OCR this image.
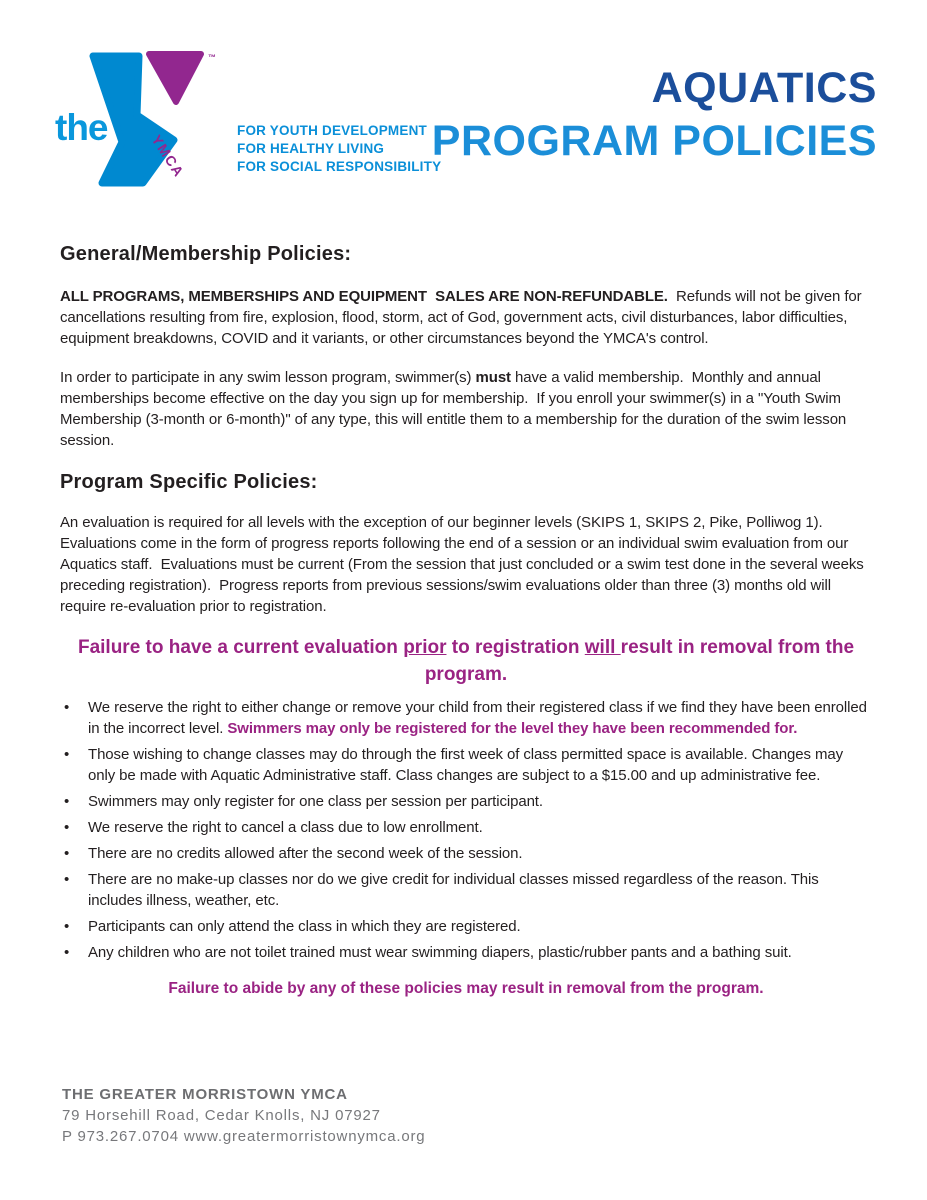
™
the
YMCA
FOR YOUTH DEVELOPMENT
FOR HEALTHY LIVING
FOR SOCIAL RESPONSIBILITY
AQUATICS
PROGRAM POLICIES
General/Membership Policies:

ALL PROGRAMS, MEMBERSHIPS AND EQUIPMENT  SALES ARE NON-REFUNDABLE.  Refunds will not be given for cancellations resulting from fire, explosion, flood, storm, act of God, government acts, civil disturbances, labor difficulties, equipment breakdowns, COVID and it variants, or other circumstances beyond the YMCA's control.

In order to participate in any swim lesson program, swimmer(s) must have a valid membership.  Monthly and annual memberships become effective on the day you sign up for membership.  If you enroll your swimmer(s) in a "Youth Swim Membership (3-month or 6-month)" of any type, this will entitle them to a membership for the duration of the swim lesson session.

Program Specific Policies:

An evaluation is required for all levels with the exception of our beginner levels (SKIPS 1, SKIPS 2, Pike, Polliwog 1).  Evaluations come in the form of progress reports following the end of a session or an individual swim evaluation from our Aquatics staff.  Evaluations must be current (From the session that just concluded or a swim test done in the several weeks preceding registration).  Progress reports from previous sessions/swim evaluations older than three (3) months old will require re-evaluation prior to registration.

Failure to have a current evaluation prior to registration will result in removal from the program.
• We reserve the right to either change or remove your child from their registered class if we find they have been enrolled in the incorrect level. Swimmers may only be registered for the level they have been recommended for.
• Those wishing to change classes may do through the first week of class permitted space is available. Changes may only be made with Aquatic Administrative staff. Class changes are subject to a $15.00 and up administrative fee.
• Swimmers may only register for one class per session per participant.
• We reserve the right to cancel a class due to low enrollment.
• There are no credits allowed after the second week of the session.
• There are no make-up classes nor do we give credit for individual classes missed regardless of the reason. This includes illness, weather, etc.
• Participants can only attend the class in which they are registered.
• Any children who are not toilet trained must wear swimming diapers, plastic/rubber pants and a bathing suit.
Failure to abide by any of these policies may result in removal from the program.
THE GREATER MORRISTOWN YMCA
79 Horsehill Road, Cedar Knolls, NJ 07927
P 973.267.0704 www.greatermorristownymca.org
